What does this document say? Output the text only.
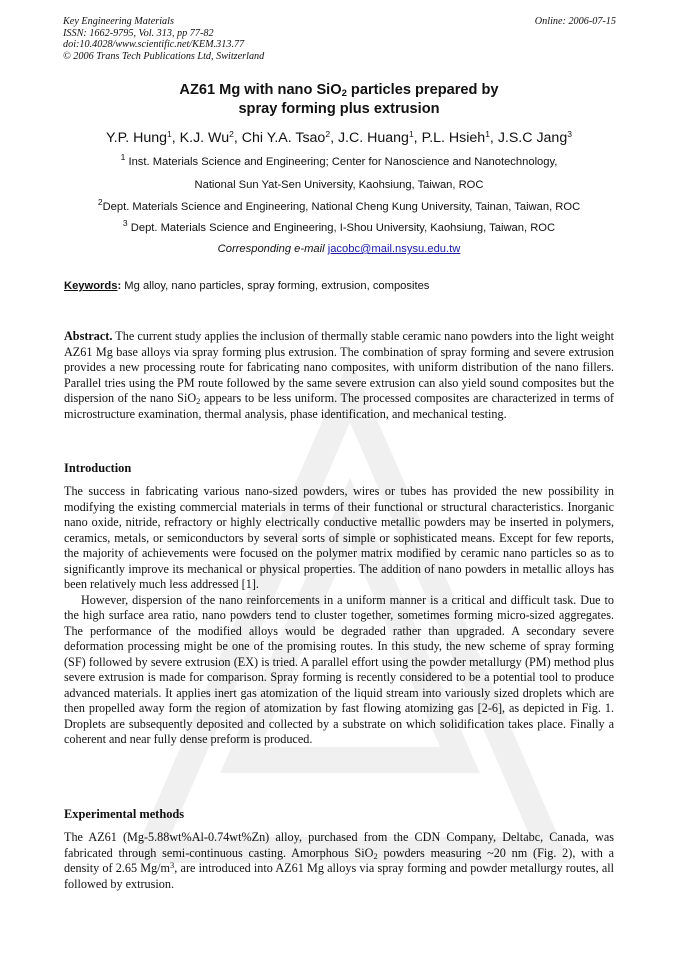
Key Engineering Materials
ISSN: 1662-9795, Vol. 313, pp 77-82
doi:10.4028/www.scientific.net/KEM.313.77
© 2006 Trans Tech Publications Ltd, Switzerland
Online: 2006-07-15
AZ61 Mg with nano SiO$_2$ particles prepared by
spray forming plus extrusion
Y.P. Hung$^1$, K.J. Wu$^2$, Chi Y.A. Tsao$^2$, J.C. Huang$^1$, P.L. Hsieh$^1$, J.S.C Jang$^3$
$^1$ Inst. Materials Science and Engineering; Center for Nanoscience and Nanotechnology,
National Sun Yat-Sen University, Kaohsiung, Taiwan, ROC
$^2$Dept. Materials Science and Engineering, National Cheng Kung University, Tainan, Taiwan, ROC
$^3$ Dept. Materials Science and Engineering, I-Shou University, Kaohsiung, Taiwan, ROC
Corresponding e-mail jacobc@mail.nsysu.edu.tw
Keywords: Mg alloy, nano particles, spray forming, extrusion, composites

Abstract. The current study applies the inclusion of thermally stable ceramic nano powders into the light weight AZ61 Mg base alloys via spray forming plus extrusion. The combination of spray forming and severe extrusion provides a new processing route for fabricating nano composites, with uniform distribution of the nano fillers. Parallel tries using the PM route followed by the same severe extrusion can also yield sound composites but the dispersion of the nano SiO$_2$ appears to be less uniform. The processed composites are characterized in terms of microstructure examination, thermal analysis, phase identification, and mechanical testing.

Introduction

The success in fabricating various nano-sized powders, wires or tubes has provided the new possibility in modifying the existing commercial materials in terms of their functional or structural characteristics. Inorganic nano oxide, nitride, refractory or highly electrically conductive metallic powders may be inserted in polymers, ceramics, metals, or semiconductors by several sorts of simple or sophisticated means. Except for few reports, the majority of achievements were focused on the polymer matrix modified by ceramic nano particles so as to significantly improve its mechanical or physical properties. The addition of nano powders in metallic alloys has been relatively much less addressed [1].

However, dispersion of the nano reinforcements in a uniform manner is a critical and difficult task. Due to the high surface area ratio, nano powders tend to cluster together, sometimes forming micro-sized aggregates. The performance of the modified alloys would be degraded rather than upgraded. A secondary severe deformation processing might be one of the promising routes. In this study, the new scheme of spray forming (SF) followed by severe extrusion (EX) is tried. A parallel effort using the powder metallurgy (PM) method plus severe extrusion is made for comparison. Spray forming is recently considered to be a potential tool to produce advanced materials. It applies inert gas atomization of the liquid stream into variously sized droplets which are then propelled away form the region of atomization by fast flowing atomizing gas [2-6], as depicted in Fig. 1. Droplets are subsequently deposited and collected by a substrate on which solidification takes place. Finally a coherent and near fully dense preform is produced.

Experimental methods

The AZ61 (Mg-5.88wt%Al-0.74wt%Zn) alloy, purchased from the CDN Company, Deltabc, Canada, was fabricated through semi-continuous casting. Amorphous SiO$_2$ powders measuring ~20 nm (Fig. 2), with a density of 2.65 $Mg/m^3$, are introduced into AZ61 Mg alloys via spray forming and powder metallurgy routes, all followed by extrusion.
